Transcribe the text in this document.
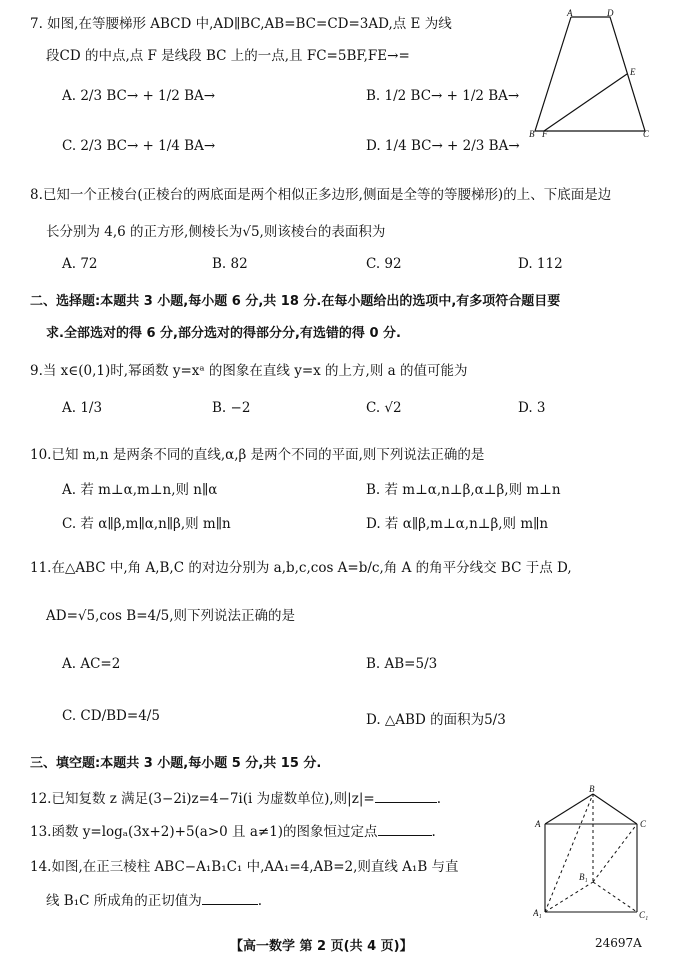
7. 如图,在等腰梯形 ABCD 中,AD∥BC,AB=BC=CD=3AD,点 E 为线
段CD 的中点,点 F 是线段 BC 上的一点,且 FC=5BF,FE→=
A. 2/3 BC→ + 1/2 BA→	B. 1/2 BC→ + 1/2 BA→
C. 2/3 BC→ + 1/4 BA→	D. 1/4 BC→ + 2/3 BA→
A	D
E
B F	C
8.已知一个正棱台(正棱台的两底面是两个相似正多边形,侧面是全等的等腰梯形)的上、下底面是边
长分别为 4,6 的正方形,侧棱长为√5,则该棱台的表面积为
A. 72	B. 82	C. 92	D. 112
二、选择题:本题共 3 小题,每小题 6 分,共 18 分.在每小题给出的选项中,有多项符合题目要
求.全部选对的得 6 分,部分选对的得部分分,有选错的得 0 分.
9.当 x∈(0,1)时,幂函数 y=xᵃ 的图象在直线 y=x 的上方,则 a 的值可能为
A. 1/3	B. −2	C. √2	D. 3
10.已知 m,n 是两条不同的直线,α,β 是两个不同的平面,则下列说法正确的是
A. 若 m⊥α,m⊥n,则 n∥α	B. 若 m⊥α,n⊥β,α⊥β,则 m⊥n
C. 若 α∥β,m∥α,n∥β,则 m∥n	D. 若 α∥β,m⊥α,n⊥β,则 m∥n
11.在△ABC 中,角 A,B,C 的对边分别为 a,b,c,cos A=b/c,角 A 的角平分线交 BC 于点 D,
AD=√5,cos B=4/5,则下列说法正确的是
A. AC=2	B. AB=5/3
C. CD/BD=4/5	D. △ABD 的面积为5/3
三、填空题:本题共 3 小题,每小题 5 分,共 15 分.
12.已知复数 z 满足(3−2i)z=4−7i(i 为虚数单位),则|z|=	.
13.函数 y=logₐ(3x+2)+5(a>0 且 a≠1)的图象恒过定点	.
14.如图,在正三棱柱 ABC−A₁B₁C₁ 中,AA₁=4,AB=2,则直线 A₁B 与直
线 B₁C 所成角的正切值为	.
B
A	C
B₁
A₁	C₁
【高一数学 第 2 页(共 4 页)】	24697A
